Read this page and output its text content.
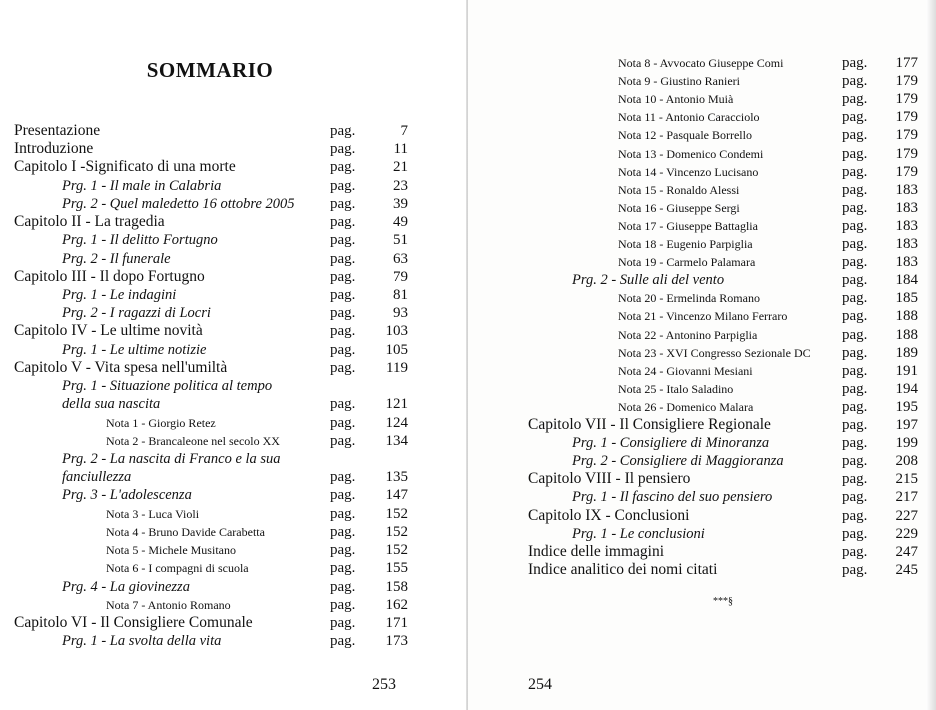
SOMMARIO
Presentazione	pag.	7
Introduzione	pag.	11
Capitolo I -Significato di una morte	pag.	21
Prg. 1 - Il male in Calabria	pag.	23
Prg. 2 - Quel maledetto 16 ottobre 2005 pag.	39
Capitolo II - La tragedia	pag.	49
Prg. 1 - Il delitto Fortugno	pag.	51
Prg. 2 - Il funerale	pag.	63
Capitolo III - Il dopo Fortugno	pag.	79
Prg. 1 - Le indagini	pag.	81
Prg. 2 - I ragazzi di Locri	pag.	93
Capitolo IV - Le ultime novità	pag.	103
Prg. 1 - Le ultime notizie	pag.	105
Capitolo V - Vita spesa nell'umiltà	pag.	119
Prg. 1 - Situazione politica al tempo
della sua nascita	pag.	121
Nota 1 - Giorgio Retez	pag.	124
Nota 2 - Brancaleone nel secolo XX	pag.	134
Prg. 2 - La nascita di Franco e la sua
fanciullezza	pag.	135
Prg. 3 - L'adolescenza	pag.	147
Nota 3 - Luca Violi	pag.	152
Nota 4 - Bruno Davide Carabetta	pag.	152
Nota 5 - Michele Musitano	pag.	152
Nota 6 - I compagni di scuola	pag.	155
Prg. 4 - La giovinezza	pag.	158
Nota 7 - Antonio Romano	pag.	162
Capitolo VI - Il Consigliere Comunale	pag.	171
Prg. 1 - La svolta della vita	pag.	173
253
Nota 8 - Avvocato Giuseppe Comi	pag.	177
Nota 9 - Giustino Ranieri	pag.	179
Nota 10 - Antonio Muià	pag.	179
Nota 11 - Antonio Caracciolo	pag.	179
Nota 12 - Pasquale Borrello	pag.	179
Nota 13 - Domenico Condemi	pag.	179
Nota 14 - Vincenzo Lucisano	pag.	179
Nota 15 - Ronaldo Alessi	pag.	183
Nota 16 - Giuseppe Sergi	pag.	183
Nota 17 - Giuseppe Battaglia	pag.	183
Nota 18 - Eugenio Parpiglia	pag.	183
Nota 19 - Carmelo Palamara	pag.	183
Prg. 2 - Sulle ali del vento	pag.	184
Nota 20 - Ermelinda Romano	pag.	185
Nota 21 - Vincenzo Milano Ferraro	pag.	188
Nota 22 - Antonino Parpiglia	pag.	188
Nota 23 - XVI Congresso Sezionale DC pag.	189
Nota 24 - Giovanni Mesiani	pag.	191
Nota 25 - Italo Saladino	pag.	194
Nota 26 - Domenico Malara	pag.	195
Capitolo VII - Il Consigliere Regionale	pag.	197
Prg. 1 - Consigliere di Minoranza	pag.	199
Prg. 2 - Consigliere di Maggioranza	pag.	208
Capitolo VIII - Il pensiero	pag.	215
Prg. 1 - Il fascino del suo pensiero	pag.	217
Capitolo IX - Conclusioni	pag.	227
Prg. 1 - Le conclusioni	pag.	229
Indice delle immagini	pag.	247
Indice analitico dei nomi citati	pag.	245
***§
254
